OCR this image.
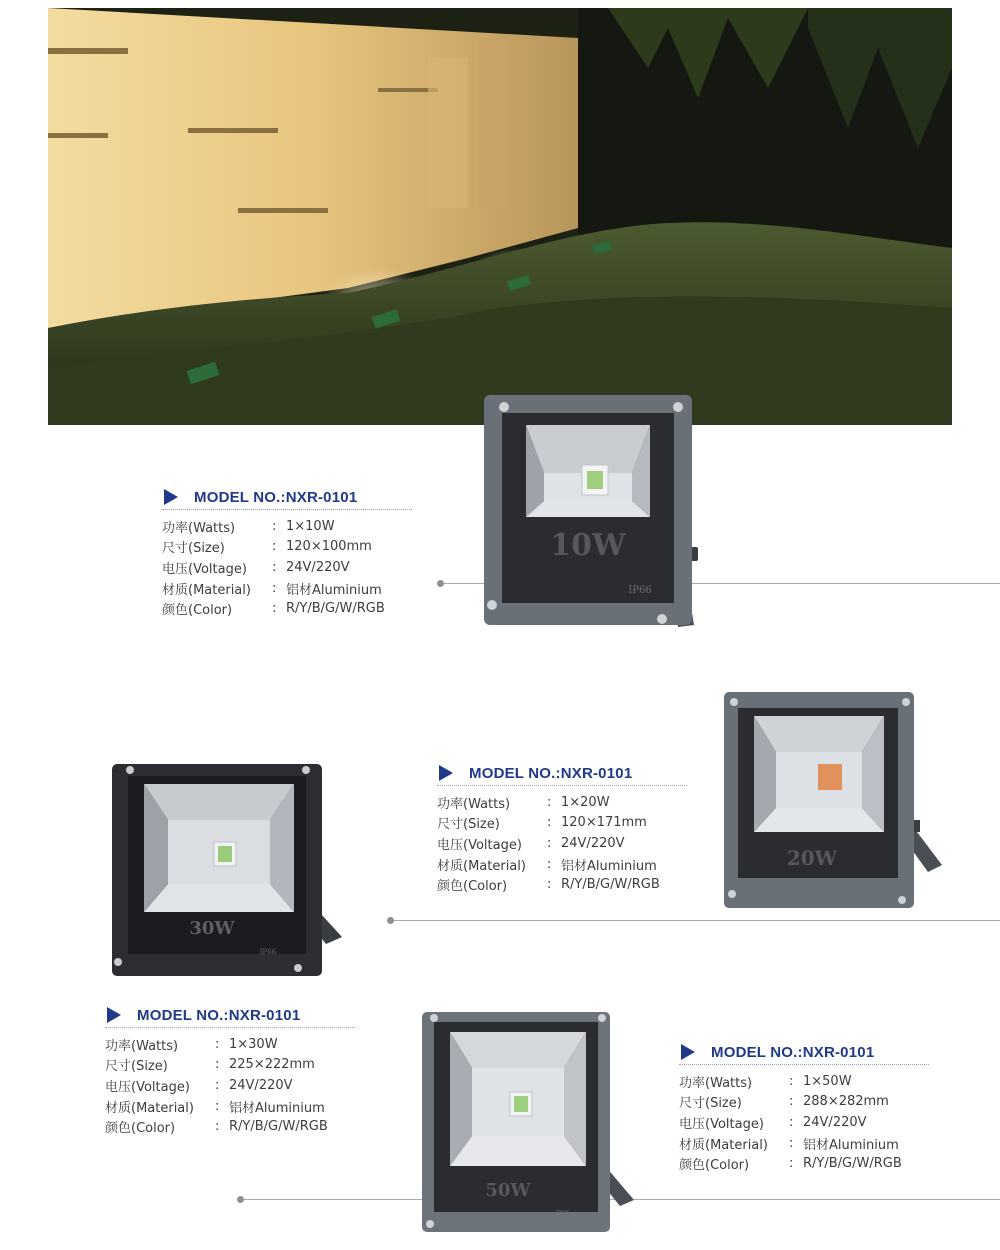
10W
IP66
20W
IP66
30W
IP66
50W
IP66
MODEL NO.:NXR-0101
功率(Watts)	: 1×10W
尺寸(Size)	: 120×100mm
电压(Voltage)	: 24V/220V
材质(Material)	: 铝材Aluminium
颜色(Color)	: R/Y/B/G/W/RGB
MODEL NO.:NXR-0101
功率(Watts)	: 1×20W
尺寸(Size)	: 120×171mm
电压(Voltage)	: 24V/220V
材质(Material)	: 铝材Aluminium
颜色(Color)	: R/Y/B/G/W/RGB
MODEL NO.:NXR-0101
功率(Watts)	: 1×30W
尺寸(Size)	: 225×222mm
电压(Voltage)	: 24V/220V
材质(Material)	: 铝材Aluminium
颜色(Color)	: R/Y/B/G/W/RGB
MODEL NO.:NXR-0101
功率(Watts)	: 1×50W
尺寸(Size)	: 288×282mm
电压(Voltage)	: 24V/220V
材质(Material)	: 铝材Aluminium
颜色(Color)	: R/Y/B/G/W/RGB
